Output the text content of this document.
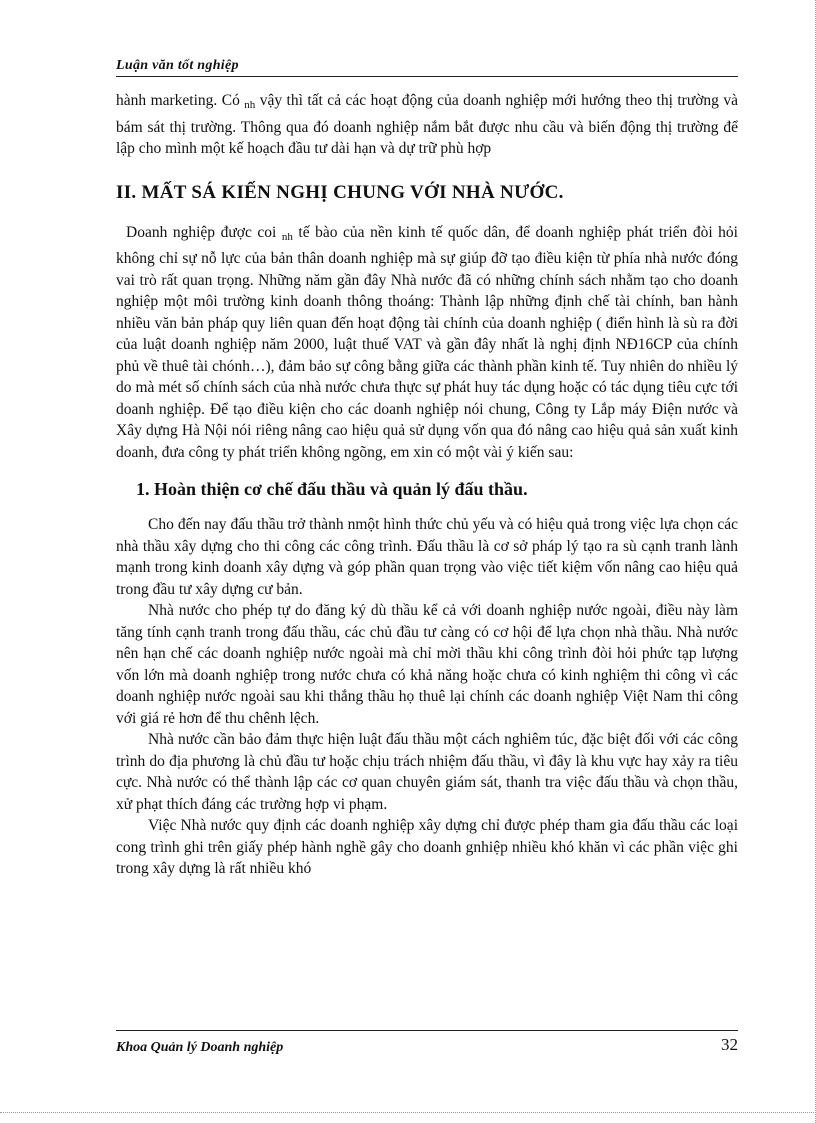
Luận văn tốt nghiệp

hành marketing. Có nh vậy thì tất cả các hoạt động của doanh nghiệp mới hướng theo thị trường và bám sát thị trường. Thông qua đó doanh nghiệp nắm bắt được nhu cầu và biến động thị trường để lập cho mình một kế hoạch đầu tư dài hạn và dự trữ phù hợp

II. MẤT SÁ KIẾN NGHỊ CHUNG VỚI NHÀ NƯỚC.

Doanh nghiệp được coi nh tế bào của nền kinh tế quốc dân, để doanh nghiệp phát triển đòi hỏi không chỉ sự nỗ lực của bản thân doanh nghiệp mà sự giúp đỡ tạo điều kiện từ phía nhà nước đóng vai trò rất quan trọng. Những năm gần đây Nhà nước đã có những chính sách nhằm tạo cho doanh nghiệp một môi trường kinh doanh thông thoáng: Thành lập những định chế tài chính, ban hành nhiều văn bản pháp quy liên quan đến hoạt động tài chính của doanh nghiệp ( điển hình là sù ra đời của luật doanh nghiệp năm 2000, luật thuế VAT và gần đây nhất là nghị định NĐ16CP của chính phủ về thuê tài chónh…), đảm bảo sự công bằng giữa các thành phần kinh tế. Tuy nhiên do nhiều lý do mà mét số chính sách của nhà nước chưa thực sự phát huy tác dụng hoặc có tác dụng tiêu cực tới doanh nghiệp. Để tạo điều kiện cho các doanh nghiệp nói chung, Công ty Lắp máy Điện nước và Xây dựng Hà Nội nói riêng nâng cao hiệu quả sử dụng vốn qua đó nâng cao hiệu quả sản xuất kinh doanh, đưa công ty phát triển không ngõng, em xin có một vài ý kiến sau:

1. Hoàn thiện cơ chế đấu thầu và quản lý đấu thầu.

Cho đến nay đấu thầu trở thành nmột hình thức chủ yếu và có hiệu quả trong việc lựa chọn các nhà thầu xây dựng cho thi công các công trình. Đấu thầu là cơ sở pháp lý tạo ra sù cạnh tranh lành mạnh trong kinh doanh xây dựng và góp phần quan trọng vào việc tiết kiệm vốn nâng cao hiệu quả trong đầu tư xây dựng cư bản.

Nhà nước cho phép tự do đăng ký dù thầu kể cả với doanh nghiệp nước ngoài, điều này làm tăng tính cạnh tranh trong đấu thầu, các chủ đầu tư càng có cơ hội để lựa chọn nhà thầu. Nhà nước nên hạn chế các doanh nghiệp nước ngoài mà chỉ mời thầu khi công trình đòi hỏi phức tạp lượng vốn lớn mà doanh nghiệp trong nước chưa có khả năng hoặc chưa có kinh nghiệm thi công vì các doanh nghiệp nước ngoài sau khi thắng thầu họ thuê lại chính các doanh nghiệp Việt Nam thi công với giá rẻ hơn để thu chênh lệch.

Nhà nước cần bảo đảm thực hiện luật đấu thầu một cách nghiêm túc, đặc biệt đối với các công trình do địa phương là chủ đầu tư hoặc chịu trách nhiệm đấu thầu, vì đây là khu vực hay xảy ra tiêu cực. Nhà nước có thể thành lập các cơ quan chuyên giám sát, thanh tra việc đấu thầu và chọn thầu, xử phạt thích đáng các trường hợp vi phạm.

Việc Nhà nước quy định các doanh nghiệp xây dựng chỉ được phép tham gia đấu thầu các loại cong trình ghi trên giấy phép hành nghề gây cho doanh gnhiệp nhiều khó khăn vì các phần việc ghi trong xây dựng là rất nhiều khó

Khoa Quản lý Doanh nghiệp	32
